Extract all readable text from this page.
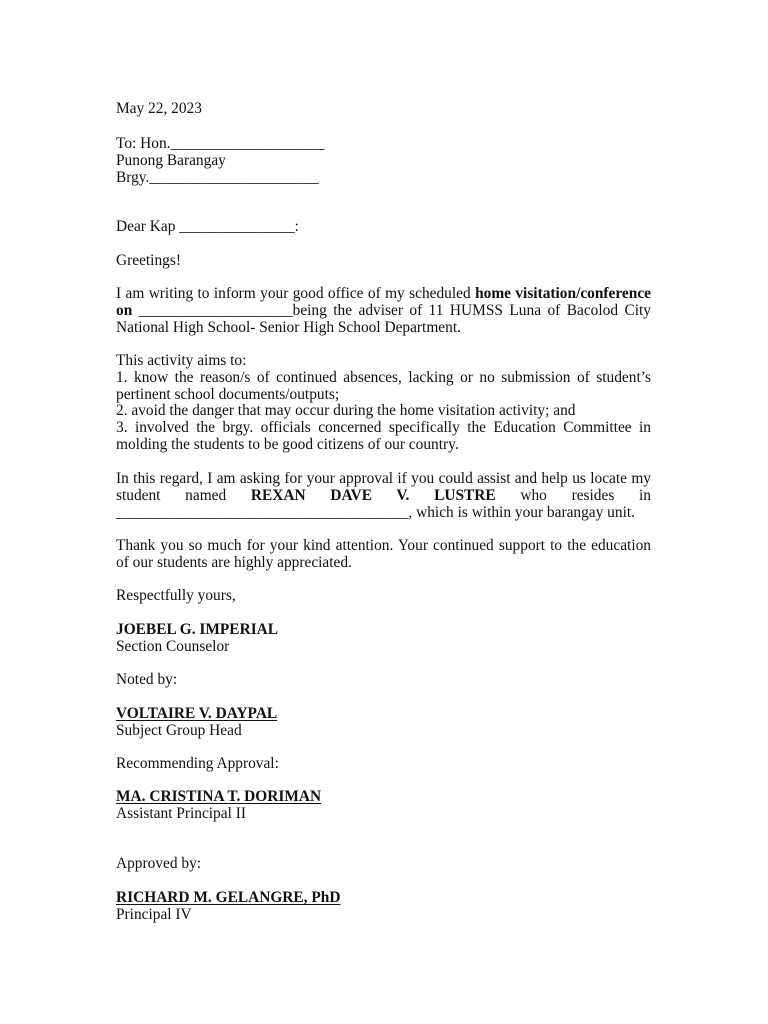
May 22, 2023
To: Hon.____________________
Punong Barangay
Brgy.______________________
Dear Kap _______________:
Greetings!
I am writing to inform your good office of my scheduled home visitation/conference
on ____________________being the adviser of 11 HUMSS Luna of Bacolod City
National High School- Senior High School Department.
This activity aims to:
1. know the reason/s of continued absences, lacking or no submission of student’s
pertinent school documents/outputs;
2. avoid the danger that may occur during the home visitation activity; and
3. involved the brgy. officials concerned specifically the Education Committee in
molding the students to be good citizens of our country.
In this regard, I am asking for your approval if you could assist and help us locate my
student named REXAN DAVE V. LUSTRE who resides in
______________________________________, which is within your barangay unit.
Thank you so much for your kind attention. Your continued support to the education
of our students are highly appreciated.
Respectfully yours,
JOEBEL G. IMPERIAL
Section Counselor
Noted by:
VOLTAIRE V. DAYPAL
Subject Group Head
Recommending Approval:
MA. CRISTINA T. DORIMAN
Assistant Principal II
Approved by:
RICHARD M. GELANGRE, PhD
Principal IV
